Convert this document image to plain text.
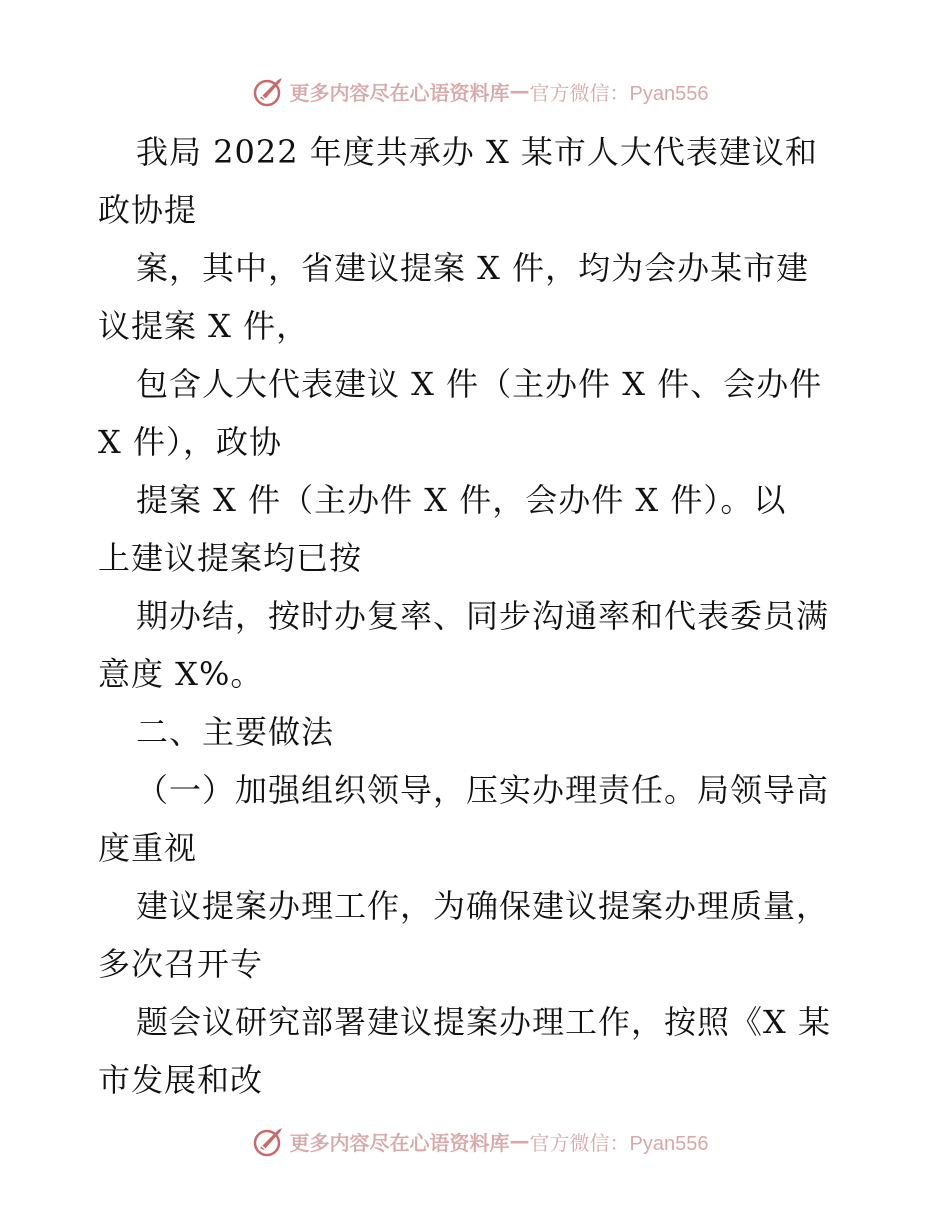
更多内容尽在心语资料库 — 官方微信：Pyan556
我局 2022 年度共承办 X 某市人大代表建议和
政协提
案，其中，省建议提案 X 件，均为会办某市建
议提案 X 件，
包含人大代表建议 X 件（主办件 X 件、会办件
X 件），政协
提案 X 件（主办件 X 件，会办件 X 件）。以
上建议提案均已按
期办结，按时办复率、同步沟通率和代表委员满
意度 X%。
二、主要做法
（一）加强组织领导，压实办理责任。局领导高
度重视
建议提案办理工作，为确保建议提案办理质量，
多次召开专
题会议研究部署建议提案办理工作，按照《X 某
市发展和改
更多内容尽在心语资料库 — 官方微信：Pyan556
